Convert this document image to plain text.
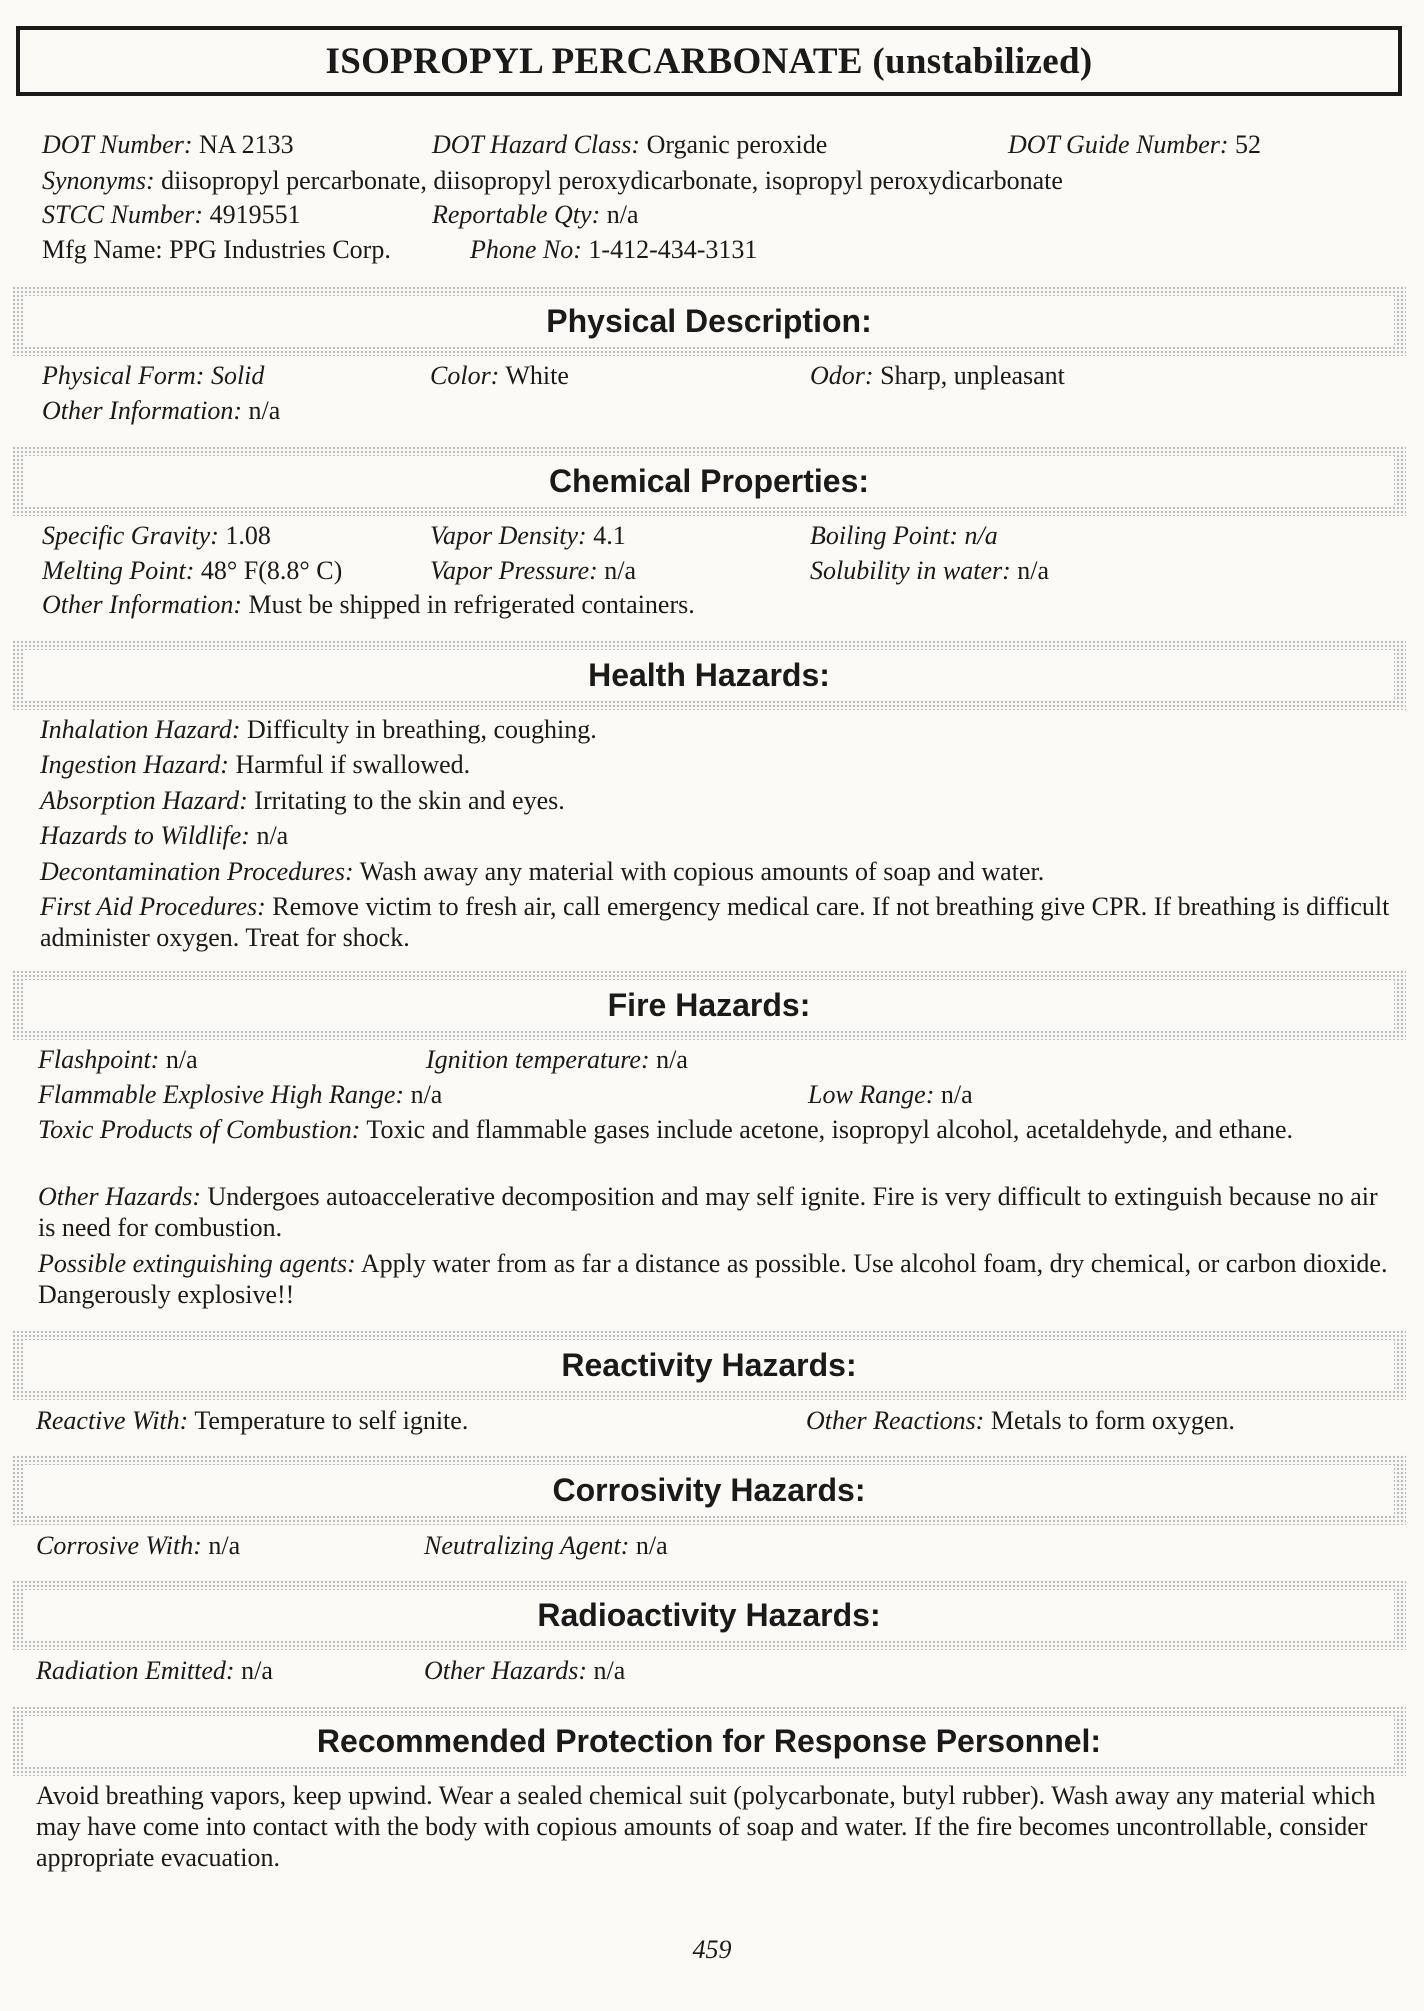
ISOPROPYL PERCARBONATE (unstabilized)
DOT Number: NA 2133	DOT Hazard Class: Organic peroxide	DOT Guide Number: 52
Synonyms: diisopropyl percarbonate, diisopropyl peroxydicarbonate, isopropyl peroxydicarbonate
STCC Number: 4919551	Reportable Qty: n/a
Mfg Name: PPG Industries Corp.	Phone No: 1-412-434-3131
Physical Description:
Physical Form: Solid	Color: White	Odor: Sharp, unpleasant
Other Information: n/a
Chemical Properties:
Specific Gravity: 1.08	Vapor Density: 4.1	Boiling Point: n/a
Melting Point: 48° F(8.8° C)	Vapor Pressure: n/a	Solubility in water: n/a
Other Information: Must be shipped in refrigerated containers.
Health Hazards:
Inhalation Hazard: Difficulty in breathing, coughing.
Ingestion Hazard: Harmful if swallowed.
Absorption Hazard: Irritating to the skin and eyes.
Hazards to Wildlife: n/a
Decontamination Procedures: Wash away any material with copious amounts of soap and water.
First Aid Procedures: Remove victim to fresh air, call emergency medical care. If not breathing give CPR. If breathing is difficult administer oxygen. Treat for shock.
Fire Hazards:
Flashpoint: n/a	Ignition temperature: n/a
Flammable Explosive High Range: n/a	Low Range: n/a
Toxic Products of Combustion: Toxic and flammable gases include acetone, isopropyl alcohol, acetaldehyde, and ethane.
Other Hazards: Undergoes autoaccelerative decomposition and may self ignite. Fire is very difficult to extinguish because no air is need for combustion.
Possible extinguishing agents: Apply water from as far a distance as possible. Use alcohol foam, dry chemical, or carbon dioxide. Dangerously explosive!!
Reactivity Hazards:
Reactive With: Temperature to self ignite.	Other Reactions: Metals to form oxygen.
Corrosivity Hazards:
Corrosive With: n/a	Neutralizing Agent: n/a
Radioactivity Hazards:
Radiation Emitted: n/a	Other Hazards: n/a
Recommended Protection for Response Personnel:
Avoid breathing vapors, keep upwind. Wear a sealed chemical suit (polycarbonate, butyl rubber). Wash away any material which may have come into contact with the body with copious amounts of soap and water. If the fire becomes uncontrollable, consider appropriate evacuation.
459
